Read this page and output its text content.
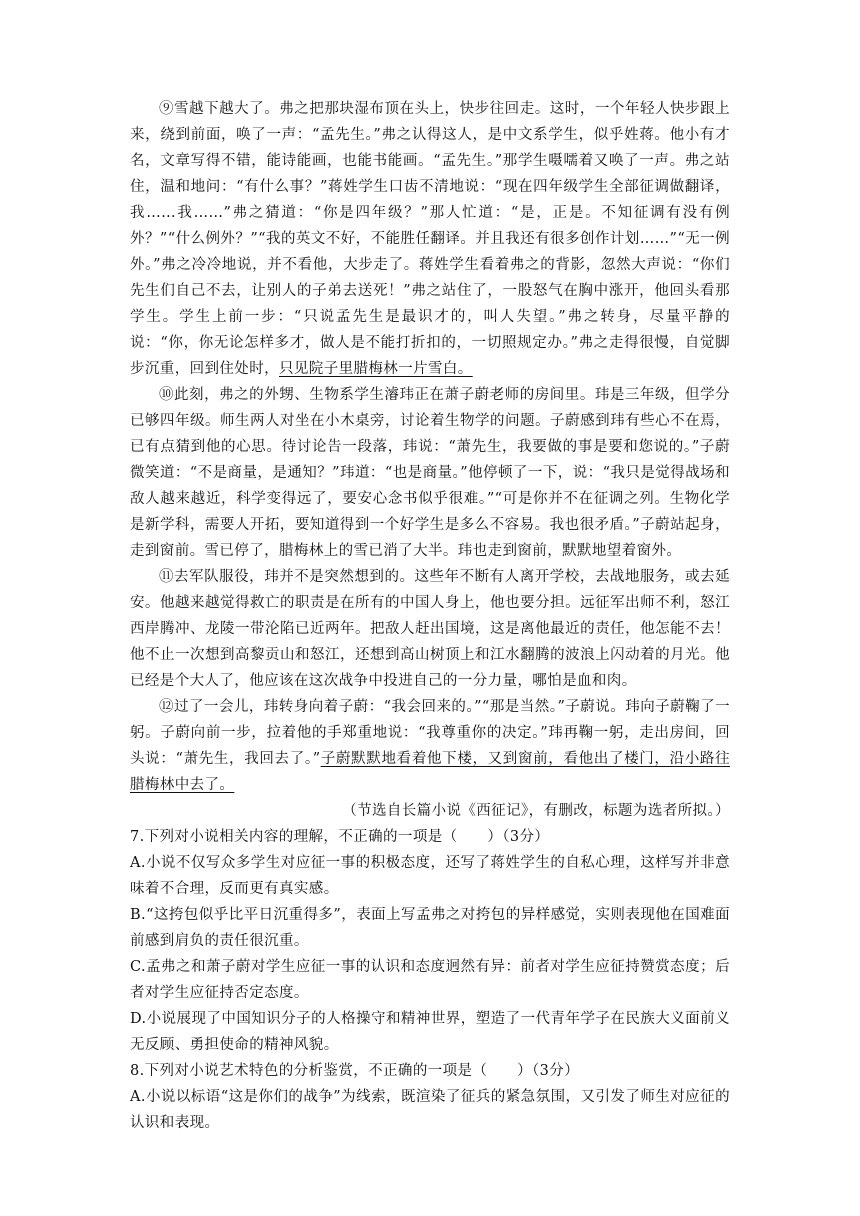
⑨雪越下越大了。弗之把那块湿布顶在头上，快步往回走。这时，一个年轻人快步跟上来，绕到前面，唤了一声：“孟先生。”弗之认得这人，是中文系学生，似乎姓蒋。他小有才名，文章写得不错，能诗能画，也能书能画。“孟先生。”那学生嗫嚅着又唤了一声。弗之站住，温和地问：“有什么事？”蒋姓学生口齿不清地说：“现在四年级学生全部征调做翻译，我……我……”弗之猜道：“你是四年级？”那人忙道：“是，正是。不知征调有没有例外？”“什么例外？”“我的英文不好，不能胜任翻译。并且我还有很多创作计划……”“无一例外。”弗之冷冷地说，并不看他，大步走了。蒋姓学生看着弗之的背影，忽然大声说：“你们先生们自己不去，让别人的子弟去送死！”弗之站住了，一股怒气在胸中涨开，他回头看那学生。学生上前一步：“只说孟先生是最识才的，叫人失望。”弗之转身，尽量平静的说：“你，你无论怎样多才，做人是不能打折扣的，一切照规定办。”弗之走得很慢，自觉脚步沉重，回到住处时，只见院子里腊梅林一片雪白。

⑩此刻，弗之的外甥、生物系学生濬玮正在萧子蔚老师的房间里。玮是三年级，但学分已够四年级。师生两人对坐在小木桌旁，讨论着生物学的问题。子蔚感到玮有些心不在焉，已有点猜到他的心思。待讨论告一段落，玮说：“萧先生，我要做的事是要和您说的。”子蔚微笑道：“不是商量，是通知？”玮道：“也是商量。”他停顿了一下，说：“我只是觉得战场和敌人越来越近，科学变得远了，要安心念书似乎很难。”“可是你并不在征调之列。生物化学是新学科，需要人开拓，要知道得到一个好学生是多么不容易。我也很矛盾。”子蔚站起身，走到窗前。雪已停了，腊梅林上的雪已消了大半。玮也走到窗前，默默地望着窗外。

⑪去军队服役，玮并不是突然想到的。这些年不断有人离开学校，去战地服务，或去延安。他越来越觉得救亡的职责是在所有的中国人身上，他也要分担。远征军出师不利，怒江西岸腾冲、龙陵一带沦陷已近两年。把敌人赶出国境，这是离他最近的责任，他怎能不去！他不止一次想到高黎贡山和怒江，还想到高山树顶上和江水翻腾的波浪上闪动着的月光。他已经是个大人了，他应该在这次战争中投进自己的一分力量，哪怕是血和肉。

⑫过了一会儿，玮转身向着子蔚：“我会回来的。”“那是当然。”子蔚说。玮向子蔚鞠了一躬。子蔚向前一步，拉着他的手郑重地说：“我尊重你的决定。”玮再鞠一躬，走出房间，回头说：“萧先生，我回去了。”子蔚默默地看着他下楼，又到窗前，看他出了楼门，沿小路往腊梅林中去了。

（节选自长篇小说《西征记》，有删改，标题为选者所拟。）

7.下列对小说相关内容的理解，不正确的一项是（　　）（3分）

A.小说不仅写众多学生对应征一事的积极态度，还写了蒋姓学生的自私心理，这样写并非意味着不合理，反而更有真实感。

B.“这挎包似乎比平日沉重得多”，表面上写孟弗之对挎包的异样感觉，实则表现他在国难面前感到肩负的责任很沉重。

C.孟弗之和萧子蔚对学生应征一事的认识和态度迥然有异：前者对学生应征持赞赏态度；后者对学生应征持否定态度。

D.小说展现了中国知识分子的人格操守和精神世界，塑造了一代青年学子在民族大义面前义无反顾、勇担使命的精神风貌。

8.下列对小说艺术特色的分析鉴赏，不正确的一项是（　　）（3分）

A.小说以标语“这是你们的战争”为线索，既渲染了征兵的紧急氛围，又引发了师生对应征的认识和表现。
